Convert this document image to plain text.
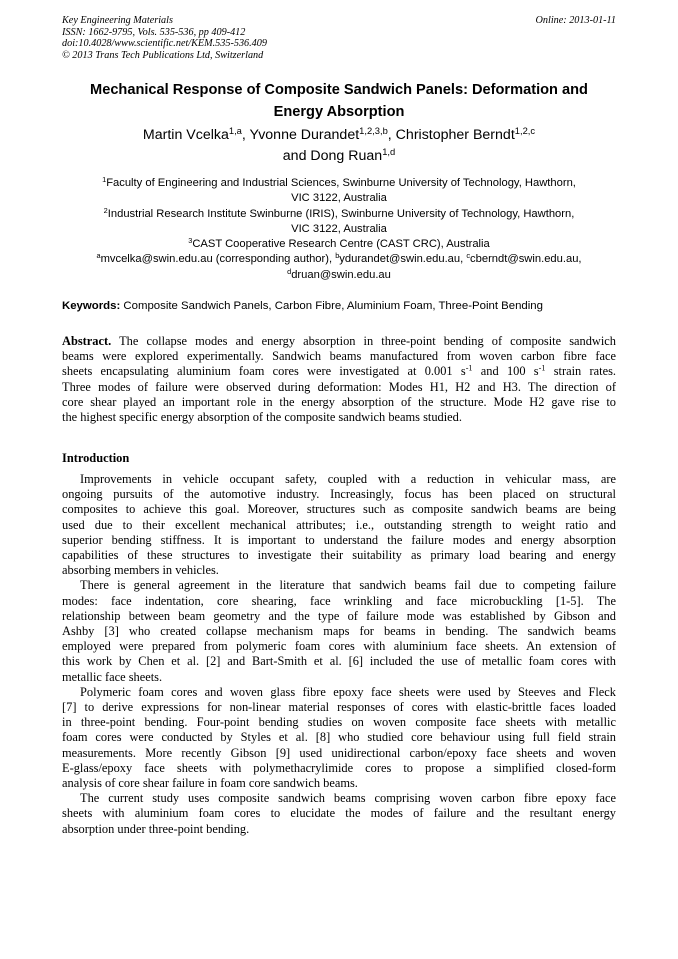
Key Engineering Materials
ISSN: 1662-9795, Vols. 535-536, pp 409-412
doi:10.4028/www.scientific.net/KEM.535-536.409
© 2013 Trans Tech Publications Ltd, Switzerland
Online: 2013-01-11
Mechanical Response of Composite Sandwich Panels: Deformation and
Energy Absorption
Martin Vcelka$^{1,a}$, Yvonne Durandet$^{1,2,3,b}$, Christopher Berndt$^{1,2,c}$
and Dong Ruan$^{1,d}$
$^1$Faculty of Engineering and Industrial Sciences, Swinburne University of Technology, Hawthorn,
VIC 3122, Australia
$^2$Industrial Research Institute Swinburne (IRIS), Swinburne University of Technology, Hawthorn,
VIC 3122, Australia
$^3$CAST Cooperative Research Centre (CAST CRC), Australia
$^a$mvcelka@swin.edu.au (corresponding author), $^b$ydurandet@swin.edu.au, $^c$cberndt@swin.edu.au,
$^d$druan@swin.edu.au
Keywords: Composite Sandwich Panels, Carbon Fibre, Aluminium Foam, Three-Point Bending
Abstract. The collapse modes and energy absorption in three-point bending of composite sandwich
beams were explored experimentally. Sandwich beams manufactured from woven carbon fibre face
sheets encapsulating aluminium foam cores were investigated at 0.001 $s^{-1}$ and 100 $s^{-1}$ strain rates.
Three modes of failure were observed during deformation: Modes H1, H2 and H3. The direction of
core shear played an important role in the energy absorption of the structure. Mode H2 gave rise to
the highest specific energy absorption of the composite sandwich beams studied.
Introduction
Improvements in vehicle occupant safety, coupled with a reduction in vehicular mass, are
ongoing pursuits of the automotive industry. Increasingly, focus has been placed on structural
composites to achieve this goal. Moreover, structures such as composite sandwich beams are being
used due to their excellent mechanical attributes; i.e., outstanding strength to weight ratio and
superior bending stiffness. It is important to understand the failure modes and energy absorption
capabilities of these structures to investigate their suitability as primary load bearing and energy
absorbing members in vehicles.
There is general agreement in the literature that sandwich beams fail due to competing failure
modes: face indentation, core shearing, face wrinkling and face microbuckling [1-5]. The
relationship between beam geometry and the type of failure mode was established by Gibson and
Ashby [3] who created collapse mechanism maps for beams in bending. The sandwich beams
employed were prepared from polymeric foam cores with aluminium face sheets. An extension of
this work by Chen et al. [2] and Bart-Smith et al. [6] included the use of metallic foam cores with
metallic face sheets.
Polymeric foam cores and woven glass fibre epoxy face sheets were used by Steeves and Fleck
[7] to derive expressions for non-linear material responses of cores with elastic-brittle faces loaded
in three-point bending. Four-point bending studies on woven composite face sheets with metallic
foam cores were conducted by Styles et al. [8] who studied core behaviour using full field strain
measurements. More recently Gibson [9] used unidirectional carbon/epoxy face sheets and woven
E-glass/epoxy face sheets with polymethacrylimide cores to propose a simplified closed-form
analysis of core shear failure in foam core sandwich beams.
The current study uses composite sandwich beams comprising woven carbon fibre epoxy face
sheets with aluminium foam cores to elucidate the modes of failure and the resultant energy
absorption under three-point bending.
